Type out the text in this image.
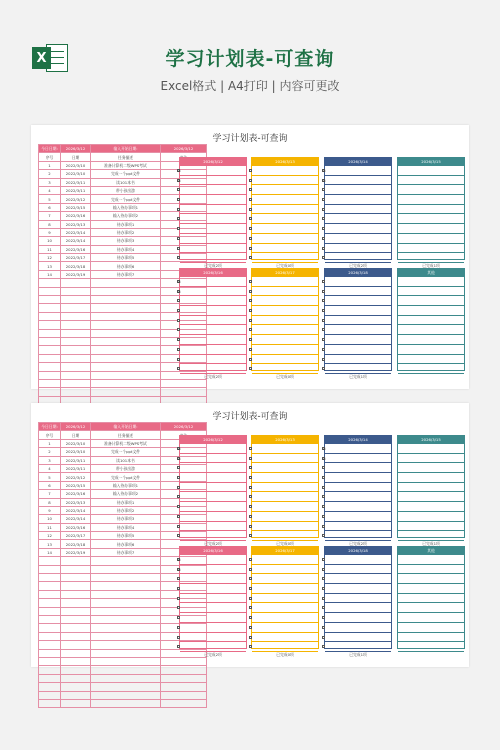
X	学习计划表-可查询
Excel格式 | A4打印 | 内容可更改
学习计划表-可查询
今日日期:	2026/3/12	输入开始日期:	2026/3/12
序号	日期	任务描述	
1	2022/3/10	准备计算机二级WPS考试	
2	2022/3/10	完成一个ppt文件	
3	2022/3/11	读101本书	
4	2022/3/11	带小孩出游	
5	2022/3/12	完成一个ppt文件	
6	2022/3/15	输入待办事项1	
7	2022/3/16	输入待办事项2	
8	2022/3/13	待办事项1	
9	2022/3/14	待办事项2	
10	2022/3/14	待办事项3	
11	2022/3/16	待办事项4	
12	2022/3/17	待办事项5	
13	2022/3/18	待办事项6	
14	2022/3/19	待办事项7	

2026/3/12
☒
☒
已完成2项
2026/3/13
已完成0项
2026/3/14
☒
☒
已完成2项
2026/3/15
已完成1项
2026/3/16
☒
☒
已完成2项
2026/3/17
已完成0项
2026/3/18
已完成1项
其他
学习计划表-可查询
今日日期:	2026/3/12	输入开始日期:	2026/3/12
序号	日期	任务描述	
1	2022/3/10	准备计算机二级WPS考试	
2	2022/3/10	完成一个ppt文件	
3	2022/3/11	读101本书	
4	2022/3/11	带小孩出游	
5	2022/3/12	完成一个ppt文件	
6	2022/3/15	输入待办事项1	
7	2022/3/16	输入待办事项2	
8	2022/3/13	待办事项1	
9	2022/3/14	待办事项2	
10	2022/3/14	待办事项3	
11	2022/3/16	待办事项4	
12	2022/3/17	待办事项5	
13	2022/3/18	待办事项6	
14	2022/3/19	待办事项7	

2026/3/12
☒
☒
已完成2项
2026/3/13
已完成0项
2026/3/14
☒
☒
已完成2项
2026/3/15
已完成1项
2026/3/16
☒
☒
已完成2项
2026/3/17
已完成0项
2026/3/18
已完成1项
其他
